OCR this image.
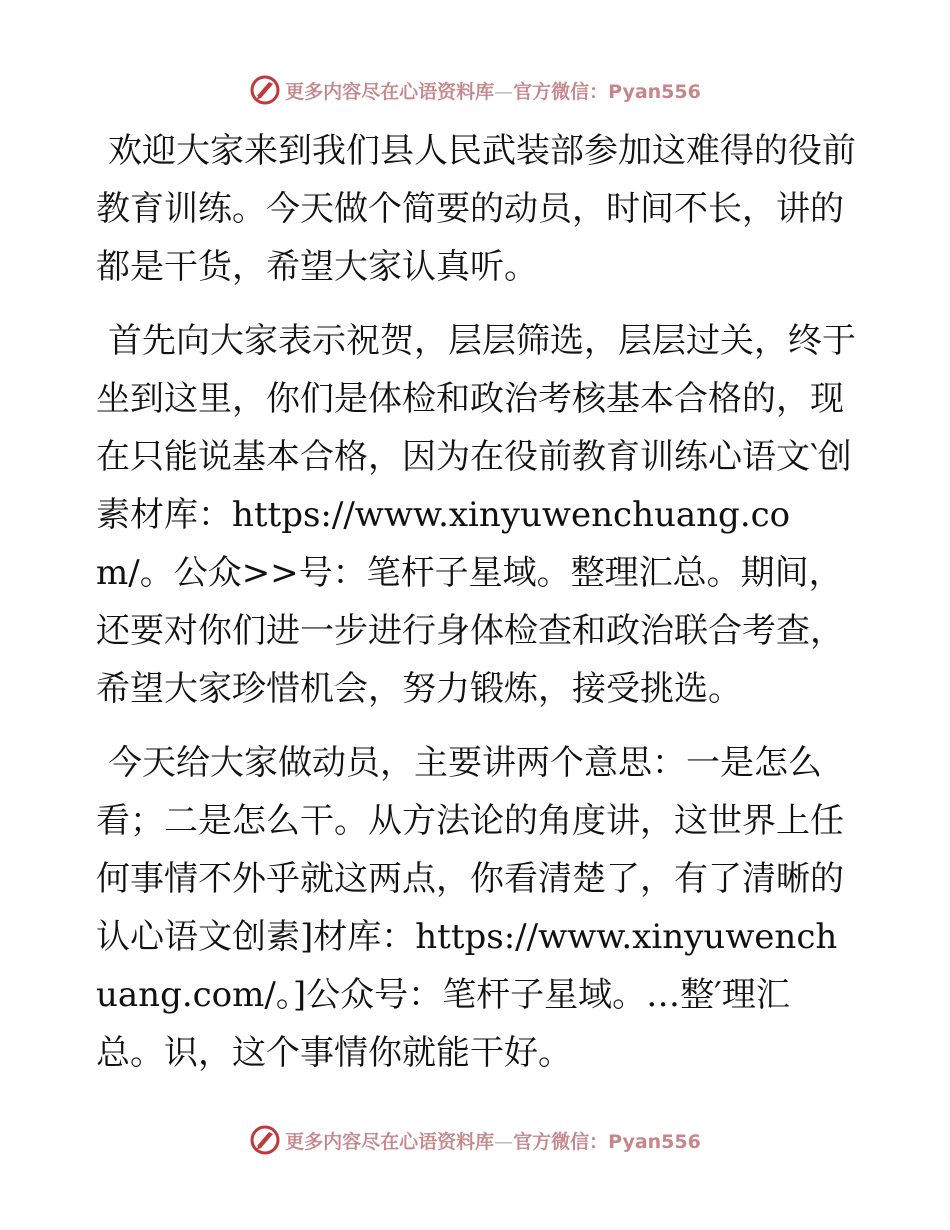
更多内容尽在心语资料库—官方微信：Pyan556

欢迎大家来到我们县人民武装部参加这难得的役前教育训练。今天做个简要的动员，时间不长，讲的都是干货，希望大家认真听。

首先向大家表示祝贺，层层筛选，层层过关，终于坐到这里，你们是体检和政治考核基本合格的，现在只能说基本合格，因为在役前教育训练心语文‵创素材库：https://www.xinyuwenchuang.com/。公众>>号：笔杆子星域。整理汇总。期间，还要对你们进一步进行身体检查和政治联合考查，希望大家珍惜机会，努力锻炼，接受挑选。

今天给大家做动员，主要讲两个意思：一是怎么看；二是怎么干。从方法论的角度讲，这世界上任何事情不外乎就这两点，你看清楚了，有了清晰的认心语文创素]材库：https://www.xinyuwenchuang.com/。]公众号：笔杆子星域。…整′理汇总。识，这个事情你就能干好。

更多内容尽在心语资料库—官方微信：Pyan556
